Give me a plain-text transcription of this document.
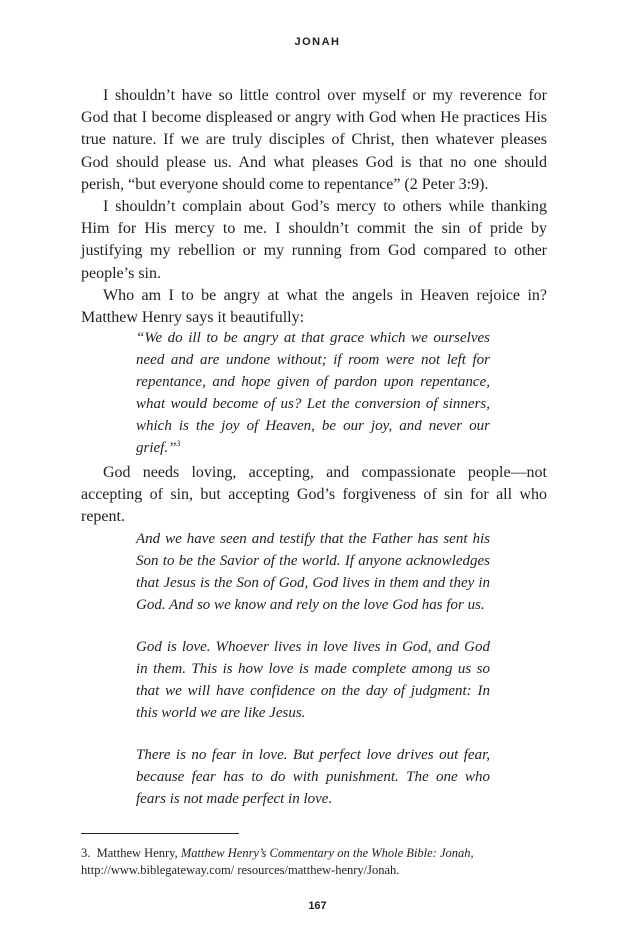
JONAH

I shouldn’t have so little control over myself or my reverence for God that I become displeased or angry with God when He practices His true nature. If we are truly disciples of Christ, then whatever pleases God should please us. And what pleases God is that no one should perish, “but everyone should come to repentance” (2 Peter 3:9).

I shouldn’t complain about God’s mercy to others while thanking Him for His mercy to me. I shouldn’t commit the sin of pride by justifying my rebellion or my running from God compared to other people’s sin.

Who am I to be angry at what the angels in Heaven rejoice in? Matthew Henry says it beautifully:

“We do ill to be angry at that grace which we ourselves need and are undone without; if room were not left for repentance, and hope given of pardon upon repentance, what would become of us? Let the conversion of sinners, which is the joy of Heaven, be our joy, and never our grief.”$^3$

God needs loving, accepting, and compassionate people—not accepting of sin, but accepting God’s forgiveness of sin for all who repent.

And we have seen and testify that the Father has sent his Son to be the Savior of the world. If anyone acknowledges that Jesus is the Son of God, God lives in them and they in God. And so we know and rely on the love God has for us.

God is love. Whoever lives in love lives in God, and God in them. This is how love is made complete among us so that we will have confidence on the day of judgment: In this world we are like Jesus.

There is no fear in love. But perfect love drives out fear, because fear has to do with punishment. The one who fears is not made perfect in love.

3. Matthew Henry, Matthew Henry’s Commentary on the Whole Bible: Jonah, http://www.biblegateway.com/ resources/matthew-henry/Jonah.
167
